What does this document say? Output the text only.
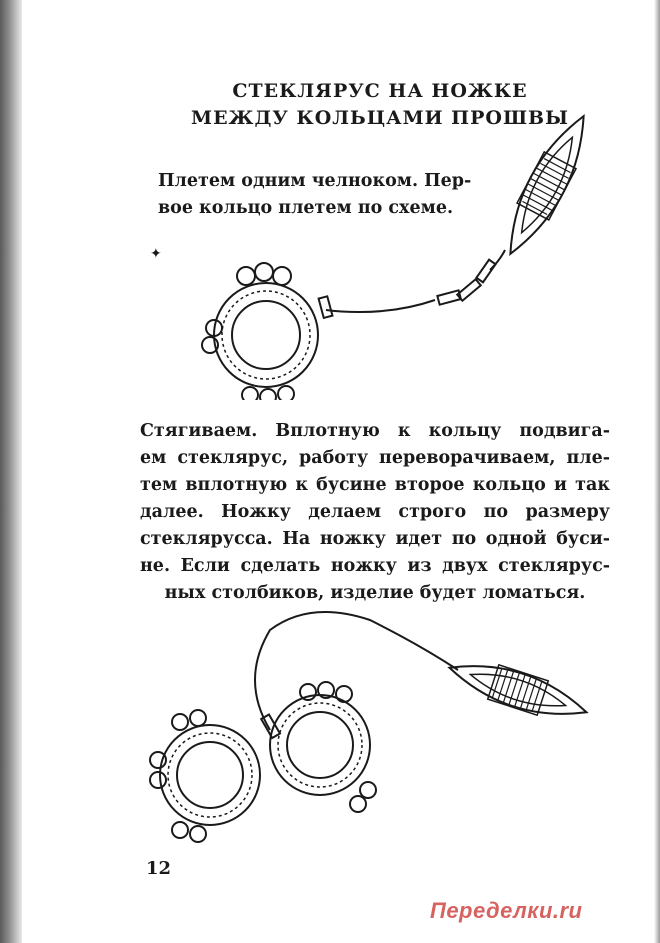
СТЕКЛЯРУС НА НОЖКЕ
МЕЖДУ КОЛЬЦАМИ ПРОШВЫ
Плетем одним челноком. Пер-
вое кольцо плетем по схеме.
✦
Стягиваем. Вплотную к кольцу подвига-
ем стеклярус, работу переворачиваем, пле-
тем вплотную к бусине второе кольцо и так
далее. Ножку делаем строго по размеру
стеклярусса. На ножку идет по одной буси-
не. Если сделать ножку из двух стеклярус-
ных столбиков, изделие будет ломаться.
12
Переделки.ru
